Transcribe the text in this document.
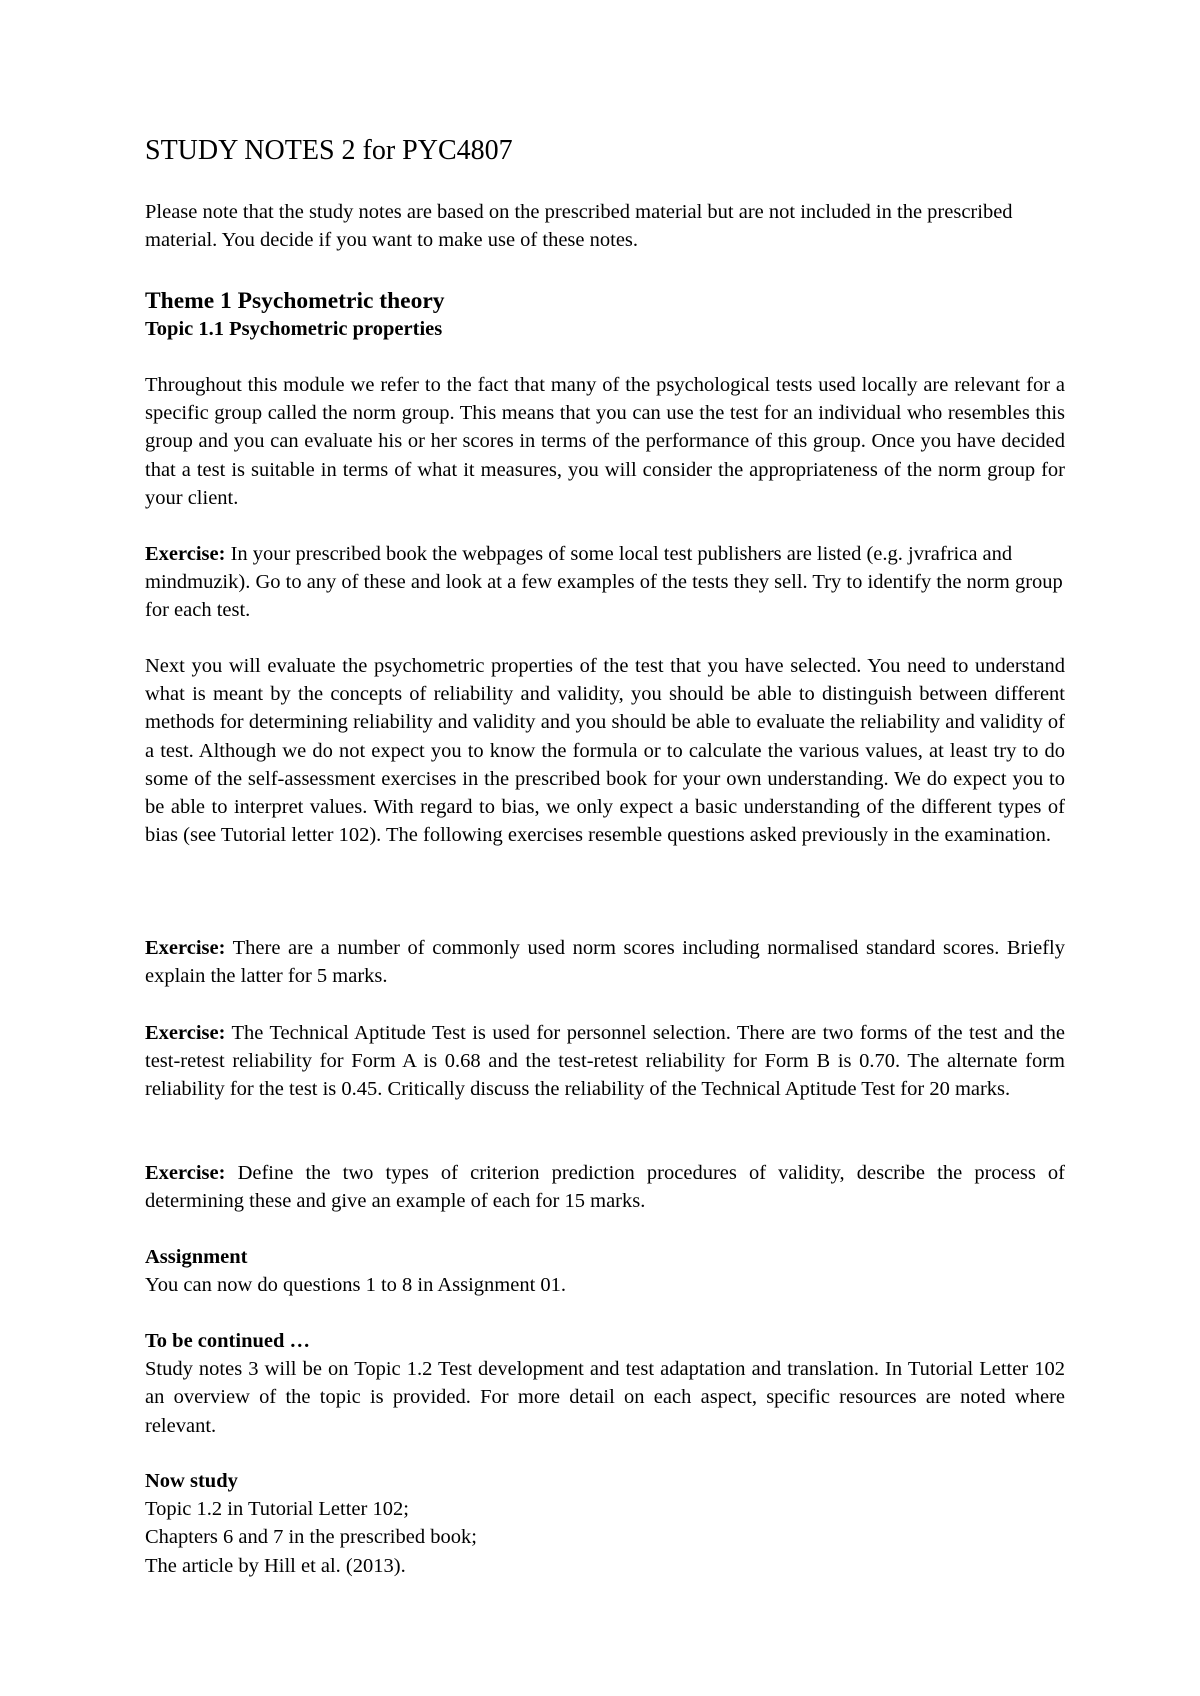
STUDY NOTES 2 for PYC4807

Please note that the study notes are based on the prescribed material but are not included in the prescribed material. You decide if you want to make use of these notes.

Theme 1 Psychometric theory
Topic 1.1 Psychometric properties

Throughout this module we refer to the fact that many of the psychological tests used locally are relevant for a specific group called the norm group. This means that you can use the test for an individual who resembles this group and you can evaluate his or her scores in terms of the performance of this group. Once you have decided that a test is suitable in terms of what it measures, you will consider the appropriateness of the norm group for your client.

Exercise: In your prescribed book the webpages of some local test publishers are listed (e.g. jvrafrica and mindmuzik). Go to any of these and look at a few examples of the tests they sell. Try to identify the norm group for each test.

Next you will evaluate the psychometric properties of the test that you have selected. You need to understand what is meant by the concepts of reliability and validity, you should be able to distinguish between different methods for determining reliability and validity and you should be able to evaluate the reliability and validity of a test. Although we do not expect you to know the formula or to calculate the various values, at least try to do some of the self-assessment exercises in the prescribed book for your own understanding. We do expect you to be able to interpret values. With regard to bias, we only expect a basic understanding of the different types of bias (see Tutorial letter 102). The following exercises resemble questions asked previously in the examination.

Exercise: There are a number of commonly used norm scores including normalised standard scores. Briefly explain the latter for 5 marks.

Exercise: The Technical Aptitude Test is used for personnel selection. There are two forms of the test and the test-retest reliability for Form A is 0.68 and the test-retest reliability for Form B is 0.70. The alternate form reliability for the test is 0.45. Critically discuss the reliability of the Technical Aptitude Test for 20 marks.

Exercise: Define the two types of criterion prediction procedures of validity, describe the process of determining these and give an example of each for 15 marks.

Assignment
You can now do questions 1 to 8 in Assignment 01.
To be continued …

Study notes 3 will be on Topic 1.2 Test development and test adaptation and translation. In Tutorial Letter 102 an overview of the topic is provided. For more detail on each aspect, specific resources are noted where relevant.

Now study
Topic 1.2 in Tutorial Letter 102;
Chapters 6 and 7 in the prescribed book;
The article by Hill et al. (2013).
